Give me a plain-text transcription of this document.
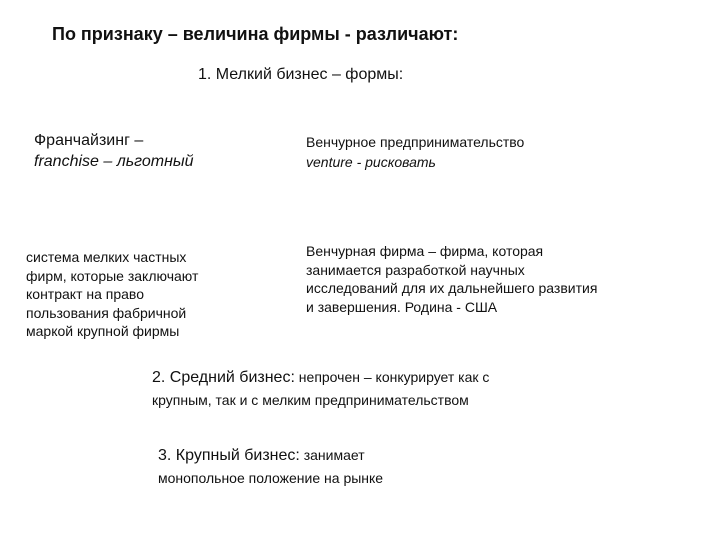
По признаку – величина фирмы - различают:
1. Мелкий бизнес – формы:
Франчайзинг –
franchise – льготный
Венчурное предпринимательство
venture - рисковать
система мелких частных
фирм, которые заключают
контракт на право
пользования фабричной
маркой крупной фирмы
Венчурная фирма – фирма, которая
занимается разработкой научных
исследований для их дальнейшего развития
и завершения. Родина - США
2. Средний бизнес: непрочен – конкурирует как с
крупным, так и с мелким предпринимательством
3. Крупный бизнес: занимает
монопольное положение на рынке
